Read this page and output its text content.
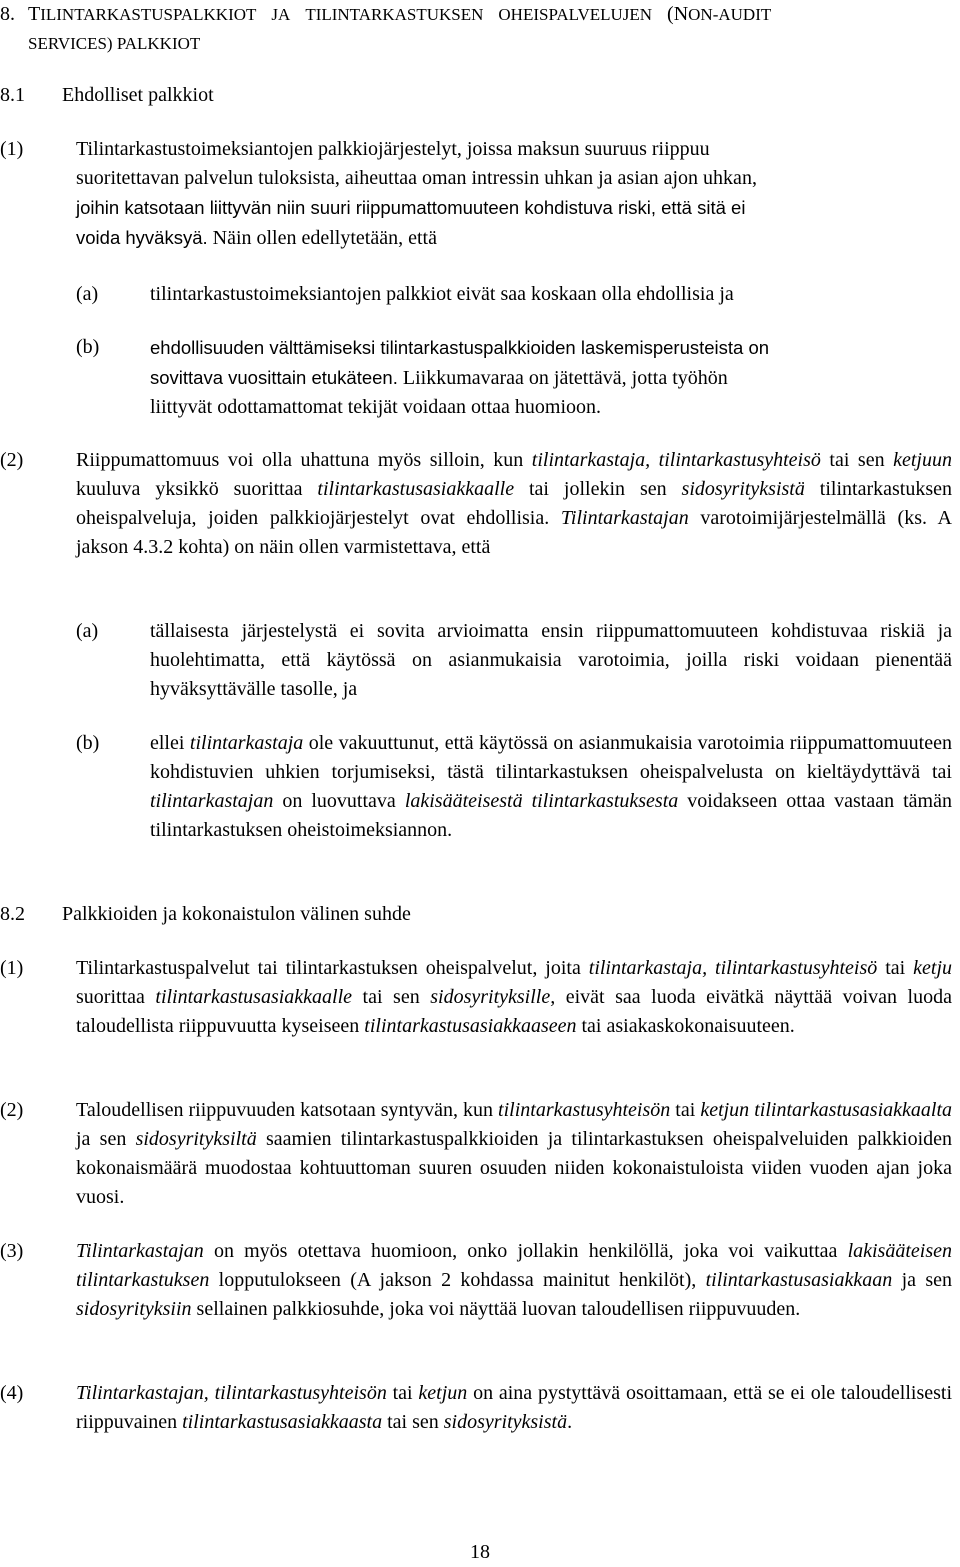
8. TILINTARKASTUSPALKKIOT JA TILINTARKASTUKSEN OHEISPALVELUJEN (NON-AUDIT
SERVICES) PALKKIOT
8.1 Ehdolliset palkkiot
(1)	Tilintarkastustoimeksiantojen palkkiojärjestelyt, joissa maksun suuruus riippuu
suoritettavan palvelun tuloksista, aiheuttaa oman intressin uhkan ja asian ajon uhkan,
joihin katsotaan liittyvän niin suuri riippumattomuuteen kohdistuva riski, että sitä ei
voida hyväksyä. Näin ollen edellytetään, että
(a)	tilintarkastustoimeksiantojen palkkiot eivät saa koskaan olla ehdollisia ja
(b)	ehdollisuuden välttämiseksi tilintarkastuspalkkioiden laskemisperusteista on
sovittava vuosittain etukäteen. Liikkumavaraa on jätettävä, jotta työhön
liittyvät odottamattomat tekijät voidaan ottaa huomioon.
(2)	Riippumattomuus voi olla uhattuna myös silloin, kun tilintarkastaja, tilintarkastusyhteisö tai sen ketjuun kuuluva yksikkö suorittaa tilintarkastusasiakkaalle tai jollekin sen sidosyrityksistä tilintarkastuksen oheispalveluja, joiden palkkiojärjestelyt ovat ehdollisia. Tilintarkastajan varotoimijärjestelmällä (ks. A jakson 4.3.2 kohta) on näin ollen varmistettava, että
(a)	tällaisesta järjestelystä ei sovita arvioimatta ensin riippumattomuuteen kohdistuvaa riskiä ja huolehtimatta, että käytössä on asianmukaisia varotoimia, joilla riski voidaan pienentää hyväksyttävälle tasolle, ja
(b)	ellei tilintarkastaja ole vakuuttunut, että käytössä on asianmukaisia varotoimia riippumattomuuteen kohdistuvien uhkien torjumiseksi, tästä tilintarkastuksen oheispalvelusta on kieltäydyttävä tai tilintarkastajan on luovuttava lakisääteisestä tilintarkastuksesta voidakseen ottaa vastaan tämän tilintarkastuksen oheistoimeksiannon.
8.2 Palkkioiden ja kokonaistulon välinen suhde
(1)	Tilintarkastuspalvelut tai tilintarkastuksen oheispalvelut, joita tilintarkastaja, tilintarkastusyhteisö tai ketju suorittaa tilintarkastusasiakkaalle tai sen sidosyrityksille, eivät saa luoda eivätkä näyttää voivan luoda taloudellista riippuvuutta kyseiseen tilintarkastusasiakkaaseen tai asiakaskokonaisuuteen.
(2)	Taloudellisen riippuvuuden katsotaan syntyvän, kun tilintarkastusyhteisön tai ketjun tilintarkastusasiakkaalta ja sen sidosyrityksiltä saamien tilintarkastuspalkkioiden ja tilintarkastuksen oheispalveluiden palkkioiden kokonaismäärä muodostaa kohtuuttoman suuren osuuden niiden kokonaistuloista viiden vuoden ajan joka vuosi.
(3)	Tilintarkastajan on myös otettava huomioon, onko jollakin henkilöllä, joka voi vaikuttaa lakisääteisen tilintarkastuksen lopputulokseen (A jakson 2 kohdassa mainitut henkilöt), tilintarkastusasiakkaan ja sen sidosyrityksiin sellainen palkkiosuhde, joka voi näyttää luovan taloudellisen riippuvuuden.
(4)	Tilintarkastajan, tilintarkastusyhteisön tai ketjun on aina pystyttävä osoittamaan, että se ei ole taloudellisesti riippuvainen tilintarkastusasiakkaasta tai sen sidosyrityksistä.
18
